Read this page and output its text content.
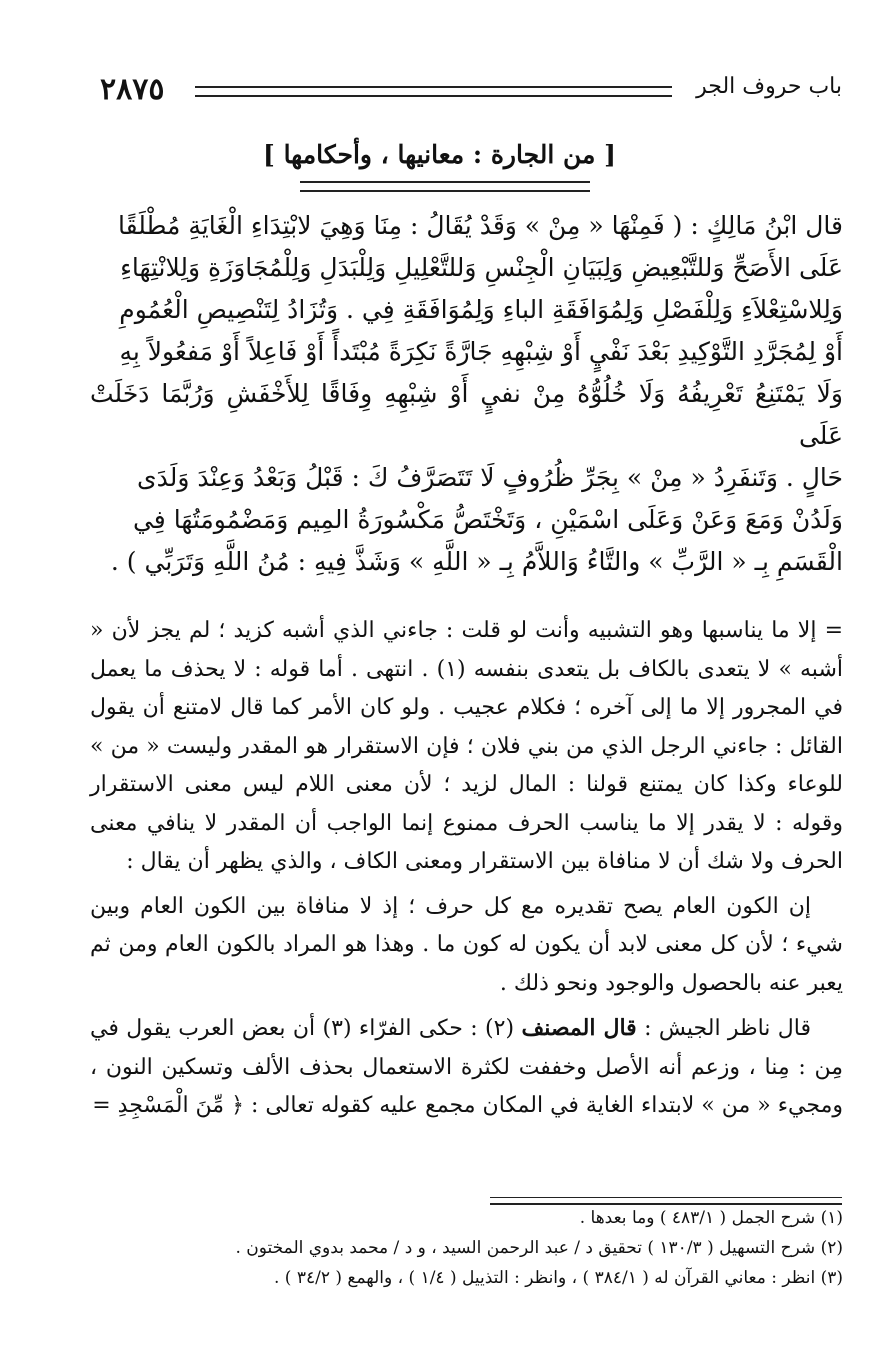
٢٨٧٥	باب حروف الجر
[ من الجارة : معانيها ، وأحكامها ]
قال ابْنُ مَالِكٍ : ( فَمِنْهَا « مِنْ » وَقَدْ يُقَالُ : مِنَا وَهِيَ لابْتِدَاءِ الْغَايَةِ مُطْلَقًا
عَلَى الأَصَحِّ وَللتَّبْعِيضِ وَلِبَيَانِ الْجِنْسِ وَللتَّعْلِيلِ وَلِلْبَدَلِ وَلِلْمُجَاوَزَةِ وَلِلانْتِهَاءِ
وَلِلاسْتِعْلاَءِ وَلِلْفَصْلِ وَلِمُوَافَقَةِ الباءِ وَلِمُوَافَقَةِ فِي . وَتُزَادُ لِتَنْصِيصِ الْعُمُومِ
أَوْ لِمُجَرَّدِ التَّوْكِيدِ بَعْدَ نَفْيٍ أَوْ شِبْهِهِ جَارَّةً نَكِرَةً مُبْتَدأً أَوْ فَاعِلاً أَوْ مَفعُولاً بِهِ
وَلَا يَمْتَنِعُ تَعْرِيفُهُ وَلَا خُلُوُّهُ مِنْ نفيٍ أَوْ شِبْهِهِ وِفَاقًا لِلأَخْفَشِ وَرُبَّمَا دَخَلَتْ عَلَى
حَالٍ . وَتَنفَرِدُ « مِنْ » بِجَرِّ ظُرُوفٍ لَا تَتَصَرَّفُ كَ : قَبْلُ وَبَعْدُ وَعِنْدَ وَلَدَى
وَلَدُنْ وَمَعَ وَعَنْ وَعَلَى اسْمَيْنِ ، وَتَخْتَصُّ مَكْسُورَةُ المِيم وَمَضْمُومَتُهَا فِي
الْقَسَمِ بِـ « الرَّبِّ » والتَّاءُ وَاللاَّمُ بِـ « اللَّهِ » وَشَذَّ فِيهِ : مُنُ اللَّهِ وَتَرَبِّي ) .

= إلا ما يناسبها وهو التشبيه وأنت لو قلت : جاءني الذي أشبه كزيد ؛ لم يجز لأن « أشبه » لا يتعدى بالكاف بل يتعدى بنفسه (١) . انتهى . أما قوله : لا يحذف ما يعمل في المجرور إلا ما إلى آخره ؛ فكلام عجيب . ولو كان الأمر كما قال لامتنع أن يقول القائل : جاءني الرجل الذي من بني فلان ؛ فإن الاستقرار هو المقدر وليست « من » للوعاء وكذا كان يمتنع قولنا : المال لزيد ؛ لأن معنى اللام ليس معنى الاستقرار وقوله : لا يقدر إلا ما يناسب الحرف ممنوع إنما الواجب أن المقدر لا ينافي معنى الحرف ولا شك أن لا منافاة بين الاستقرار ومعنى الكاف ، والذي يظهر أن يقال :

إن الكون العام يصح تقديره مع كل حرف ؛ إذ لا منافاة بين الكون العام وبين شيء ؛ لأن كل معنى لابد أن يكون له كون ما . وهذا هو المراد بالكون العام ومن ثم يعبر عنه بالحصول والوجود ونحو ذلك .

قال ناظر الجيش : قال المصنف (٢) : حكى الفرّاء (٣) أن بعض العرب يقول في مِن : مِنا ، وزعم أنه الأصل وخففت لكثرة الاستعمال بحذف الألف وتسكين النون ، ومجيء « من » لابتداء الغاية في المكان مجمع عليه كقوله تعالى : ﴿ مِّنَ الْمَسْجِدِ =

(١) شرح الجمل ( ٤٨٣/١ ) وما بعدها .
(٢) شرح التسهيل ( ١٣٠/٣ ) تحقيق د / عبد الرحمن السيد ، و د / محمد بدوي المختون .
(٣) انظر : معاني القرآن له ( ٣٨٤/١ ) ، وانظر : التذييل ( ١/٤ ) ، والهمع ( ٣٤/٢ ) .
